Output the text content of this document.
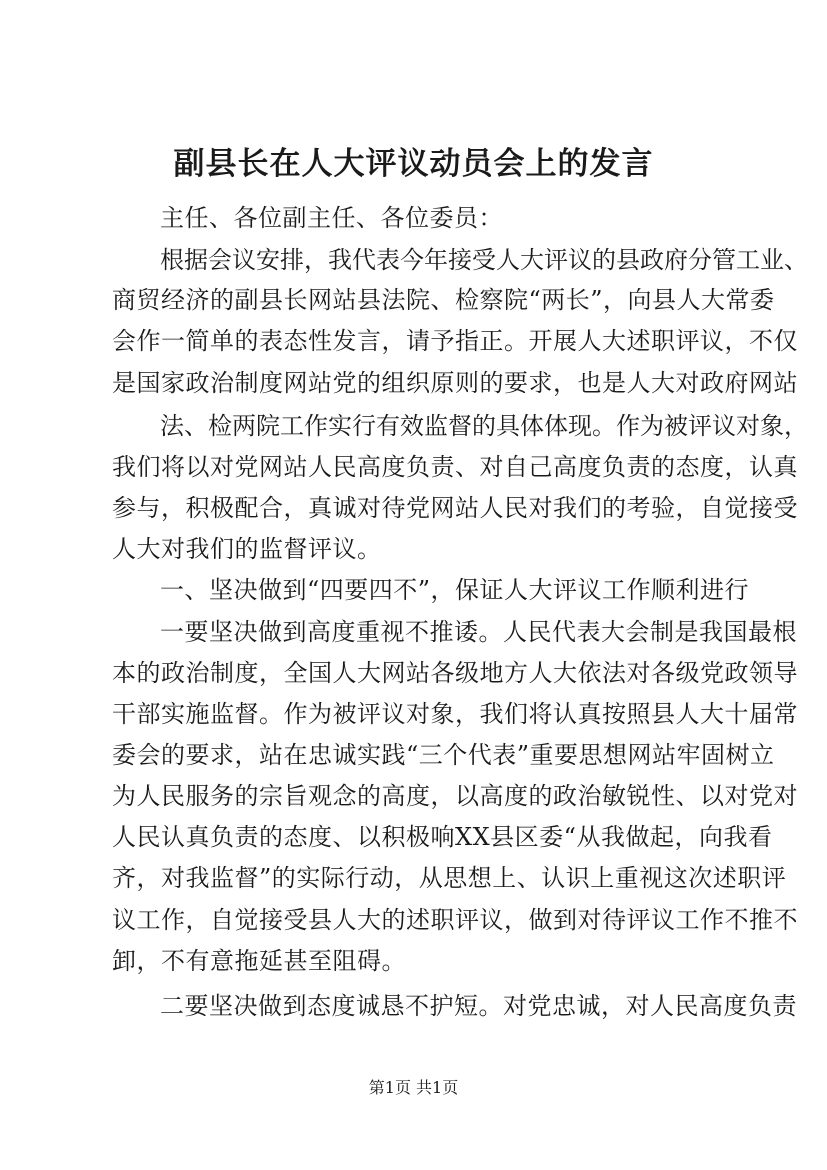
副县长在人大评议动员会上的发言
主任、各位副主任、各位委员：
根据会议安排，我代表今年接受人大评议的县政府分管工业、
商贸经济的副县长网站县法院、检察院“两长”，向县人大常委
会作一简单的表态性发言，请予指正。开展人大述职评议，不仅
是国家政治制度网站党的组织原则的要求，也是人大对政府网站
法、检两院工作实行有效监督的具体体现。作为被评议对象，
我们将以对党网站人民高度负责、对自己高度负责的态度，认真
参与，积极配合，真诚对待党网站人民对我们的考验，自觉接受
人大对我们的监督评议。
一、坚决做到“四要四不”，保证人大评议工作顺利进行
一要坚决做到高度重视不推诿。人民代表大会制是我国最根
本的政治制度，全国人大网站各级地方人大依法对各级党政领导
干部实施监督。作为被评议对象，我们将认真按照县人大十届常
委会的要求，站在忠诚实践“三个代表”重要思想网站牢固树立
为人民服务的宗旨观念的高度，以高度的政治敏锐性、以对党对
人民认真负责的态度、以积极响XX县区委“从我做起，向我看
齐，对我监督”的实际行动，从思想上、认识上重视这次述职评
议工作，自觉接受县人大的述职评议，做到对待评议工作不推不
卸，不有意拖延甚至阻碍。
二要坚决做到态度诚恳不护短。对党忠诚，对人民高度负责
第1页 共1页
